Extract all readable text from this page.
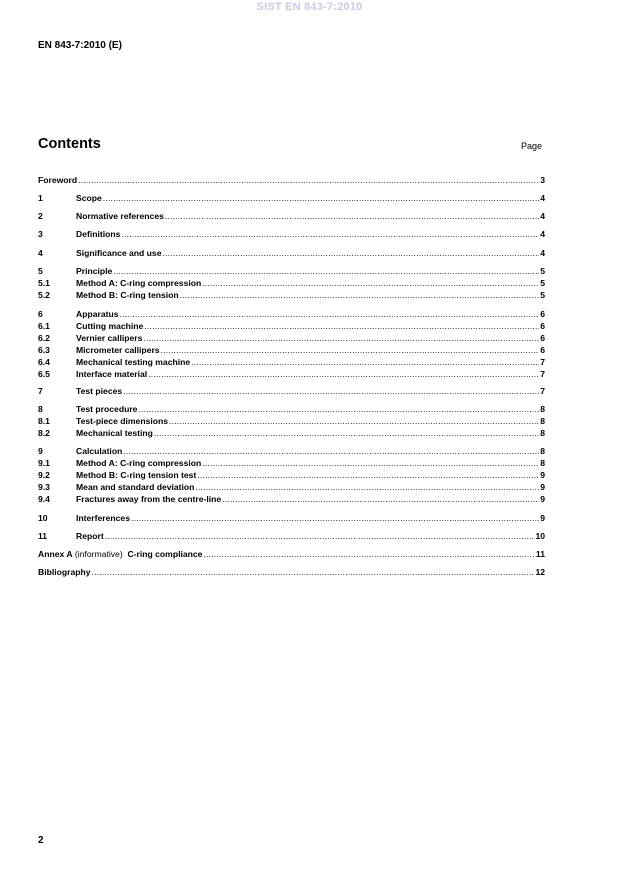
SIST EN 843-7:2010
EN 843-7:2010 (E)
Contents	Page
Foreword .....	3
1	Scope .....	4
2	Normative references .....	4
3	Definitions .....	4
4	Significance and use .....	4
5	Principle .....	5
5.1	Method A: C-ring compression .....	5
5.2	Method B: C-ring tension .....	5
6	Apparatus .....	6
6.1	Cutting machine .....	6
6.2	Vernier callipers .....	6
6.3	Micrometer callipers .....	6
6.4	Mechanical testing machine .....	7
6.5	Interface material .....	7
7	Test pieces .....	7
8	Test procedure .....	8
8.1	Test-piece dimensions .....	8
8.2	Mechanical testing .....	8
9	Calculation .....	8
9.1	Method A: C-ring compression .....	8
9.2	Method B: C-ring tension test .....	9
9.3	Mean and standard deviation .....	9
9.4	Fractures away from the centre-line .....	9
10	Interferences .....	9
11	Report .....	10
Annex A (informative)  C-ring compliance .....	11
Bibliography .....	12
2
